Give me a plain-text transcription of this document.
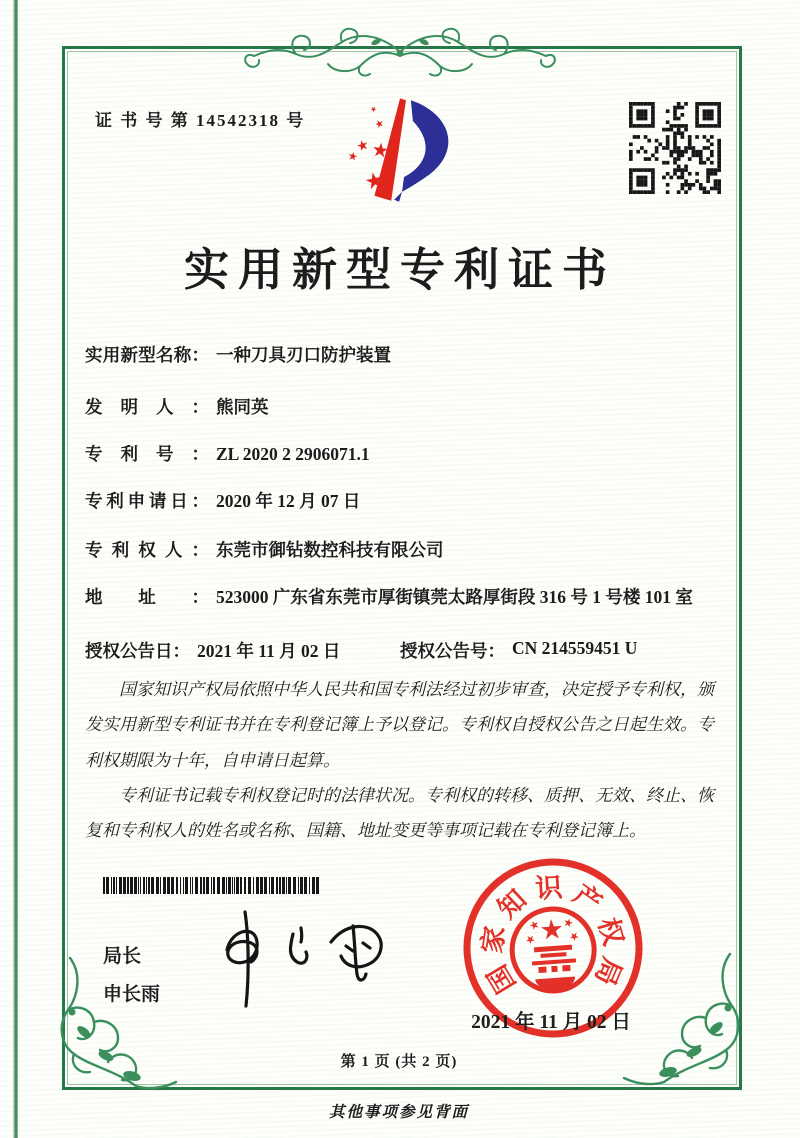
证 书 号 第 14542318 号
实用新型专利证书
实用新型名称： 一种刀具刃口防护装置
发明人： 熊同英
专利号： ZL 2020 2 2906071.1
专利申请日： 2020 年 12 月 07 日
专利权人： 东莞市御钻数控科技有限公司
地址： 523000 广东省东莞市厚街镇莞太路厚街段 316 号 1 号楼 101 室
授权公告日： 2021 年 11 月 02 日	授权公告号： CN 214559451 U

国家知识产权局依照中华人民共和国专利法经过初步审查，决定授予专利权，颁发实用新型专利证书并在专利登记簿上予以登记。专利权自授权公告之日起生效。专利权期限为十年，自申请日起算。

专利证书记载专利权登记时的法律状况。专利权的转移、质押、无效、终止、恢复和专利权人的姓名或名称、国籍、地址变更等事项记载在专利登记簿上。

局长
申长雨	国
家
知 识 产
权
局
2021 年 11 月 02 日
第 1 页 (共 2 页)
其他事项参见背面
